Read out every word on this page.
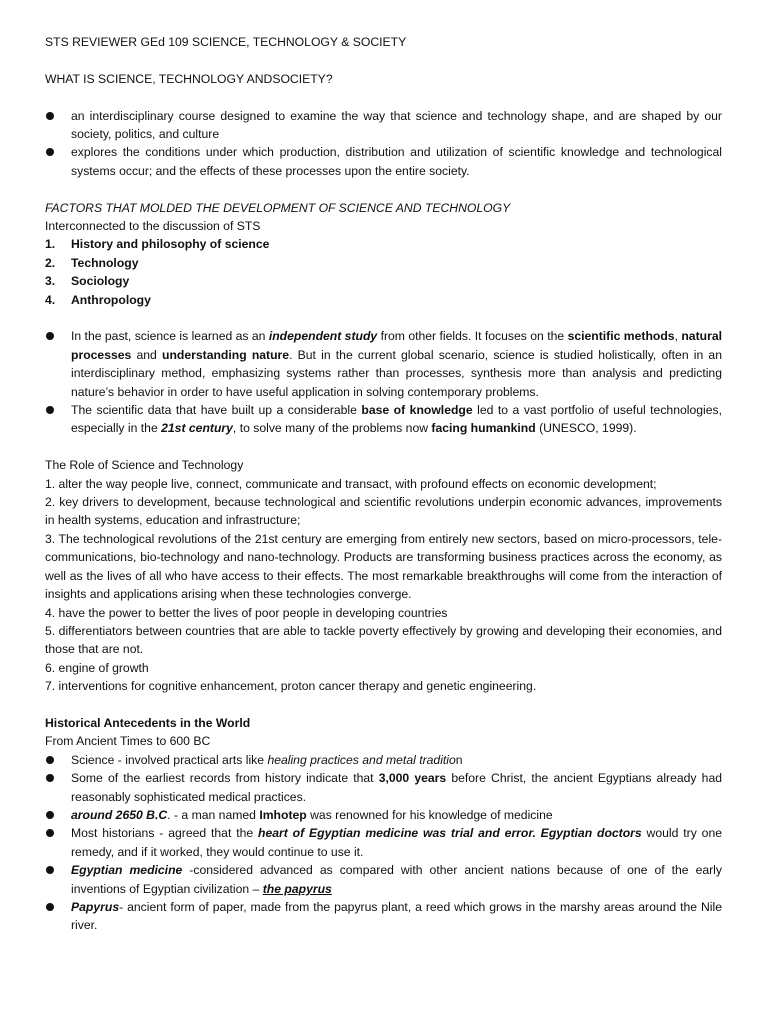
STS REVIEWER GEd 109 SCIENCE, TECHNOLOGY & SOCIETY

WHAT IS SCIENCE, TECHNOLOGY ANDSOCIETY?

an interdisciplinary course designed to examine the way that science and technology shape, and are shaped by our society, politics, and culture
explores the conditions under which production, distribution and utilization of scientific knowledge and technological systems occur; and the effects of these processes upon the entire society.

FACTORS THAT MOLDED THE DEVELOPMENT OF SCIENCE AND TECHNOLOGY

Interconnected to the discussion of STS

1.	History and philosophy of science
2.	Technology
3.	Sociology
4.	Anthropology
In the past, science is learned as an independent study from other fields. It focuses on the scientific methods, natural processes and understanding nature. But in the current global scenario, science is studied holistically, often in an interdisciplinary method, emphasizing systems rather than processes, synthesis more than analysis and predicting nature’s behavior in order to have useful application in solving contemporary problems.
The scientific data that have built up a considerable base of knowledge led to a vast portfolio of useful technologies, especially in the 21st century, to solve many of the problems now facing humankind (UNESCO, 1999).

The Role of Science and Technology

1. alter the way people live, connect, communicate and transact, with profound effects on economic development;

2. key drivers to development, because technological and scientific revolutions underpin economic advances, improvements in health systems, education and infrastructure;

3. The technological revolutions of the 21st century are emerging from entirely new sectors, based on micro-processors, tele-communications, bio-technology and nano-technology. Products are transforming business practices across the economy, as well as the lives of all who have access to their effects. The most remarkable breakthroughs will come from the interaction of insights and applications arising when these technologies converge.

4. have the power to better the lives of poor people in developing countries

5. differentiators between countries that are able to tackle poverty effectively by growing and developing their economies, and those that are not.

6. engine of growth

7. interventions for cognitive enhancement, proton cancer therapy and genetic engineering.

Historical Antecedents in the World

From Ancient Times to 600 BC

Science - involved practical arts like healing practices and metal tradition
Some of the earliest records from history indicate that 3,000 years before Christ, the ancient Egyptians already had reasonably sophisticated medical practices.
around 2650 B.C. - a man named Imhotep was renowned for his knowledge of medicine
Most historians - agreed that the heart of Egyptian medicine was trial and error. Egyptian doctors would try one remedy, and if it worked, they would continue to use it.
Egyptian medicine -considered advanced as compared with other ancient nations because of one of the early inventions of Egyptian civilization – the papyrus
Papyrus- ancient form of paper, made from the papyrus plant, a reed which grows in the marshy areas around the Nile river.
